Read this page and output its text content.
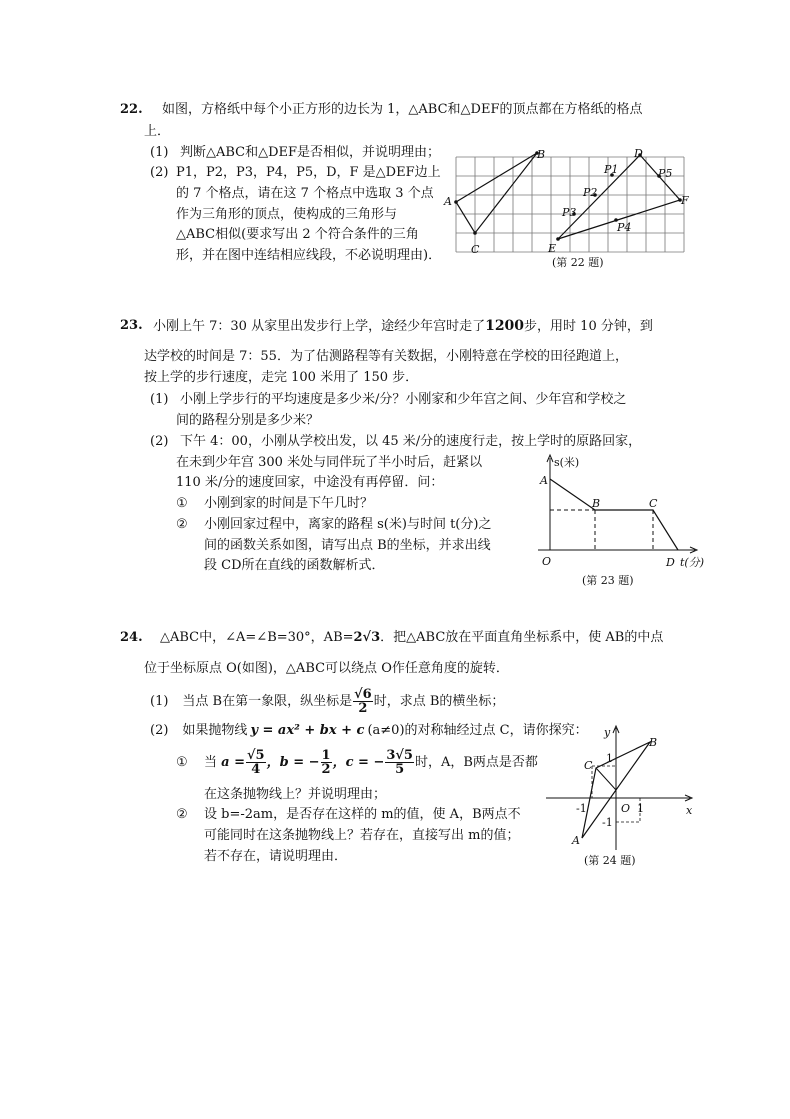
22. 如图，方格纸中每个小正方形的边长为 1，△ABC和△DEF的顶点都在方格纸的格点
上．
(1) 判断△ABC和△DEF是否相似，并说明理由；
(2) P1，P2，P3，P4，P5，D，F 是△DEF边上
的 7 个格点，请在这 7 个格点中选取 3 个点
作为三角形的顶点，使构成的三角形与
△ABC相似(要求写出 2 个符合条件的三角
形，并在图中连结相应线段，不必说明理由)．
A
B
C
D
E
F
P1
P2
P3
P4
P5
(第 22 题)
23. 小刚上午 7：30 从家里出发步行上学，途经少年宫时走了1200步，用时 10 分钟，到
达学校的时间是 7：55．为了估测路程等有关数据，小刚特意在学校的田径跑道上，
按上学的步行速度，走完 100 米用了 150 步．
(1) 小刚上学步行的平均速度是多少米/分？小刚家和少年宫之间、少年宫和学校之
间的路程分别是多少米？
(2) 下午 4：00，小刚从学校出发，以 45 米/分的速度行走，按上学时的原路回家，
在未到少年宫 300 米处与同伴玩了半小时后，赶紧以
110 米/分的速度回家，中途没有再停留．问：
① 小刚到家的时间是下午几时？
② 小刚回家过程中，离家的路程 s(米)与时间 t(分)之
间的函数关系如图，请写出点 B的坐标，并求出线
段 CD所在直线的函数解析式．
s(米)
t(分)
O
A
B	C
D
(第 23 题)
24. △ABC中，∠A=∠B=30°，AB=2√3．把△ABC放在平面直角坐标系中，使 AB的中点
位于坐标原点 O(如图)，△ABC可以绕点 O作任意角度的旋转．
(1) 当点 B在第一象限，纵坐标是 $\frac{√6}{2}$ 时，求点 B的横坐标；
(2) 如果抛物线 y = ax² + bx + c (a≠0)的对称轴经过点 C，请你探究：
① 当 $a = \frac{√5}{4}$ ，b = − $\frac{1}{2}$ ，c = − $\frac{3√5}{5}$ 时，A，B两点是否都
在这条抛物线上？并说明理由；
② 设 b=-2am，是否存在这样的 m的值，使 A，B两点不
可能同时在这条抛物线上？若存在，直接写出 m的值；
若不存在，请说明理由．
x
y
O 1
-1
1
-1
A
B
C
(第 24 题)
